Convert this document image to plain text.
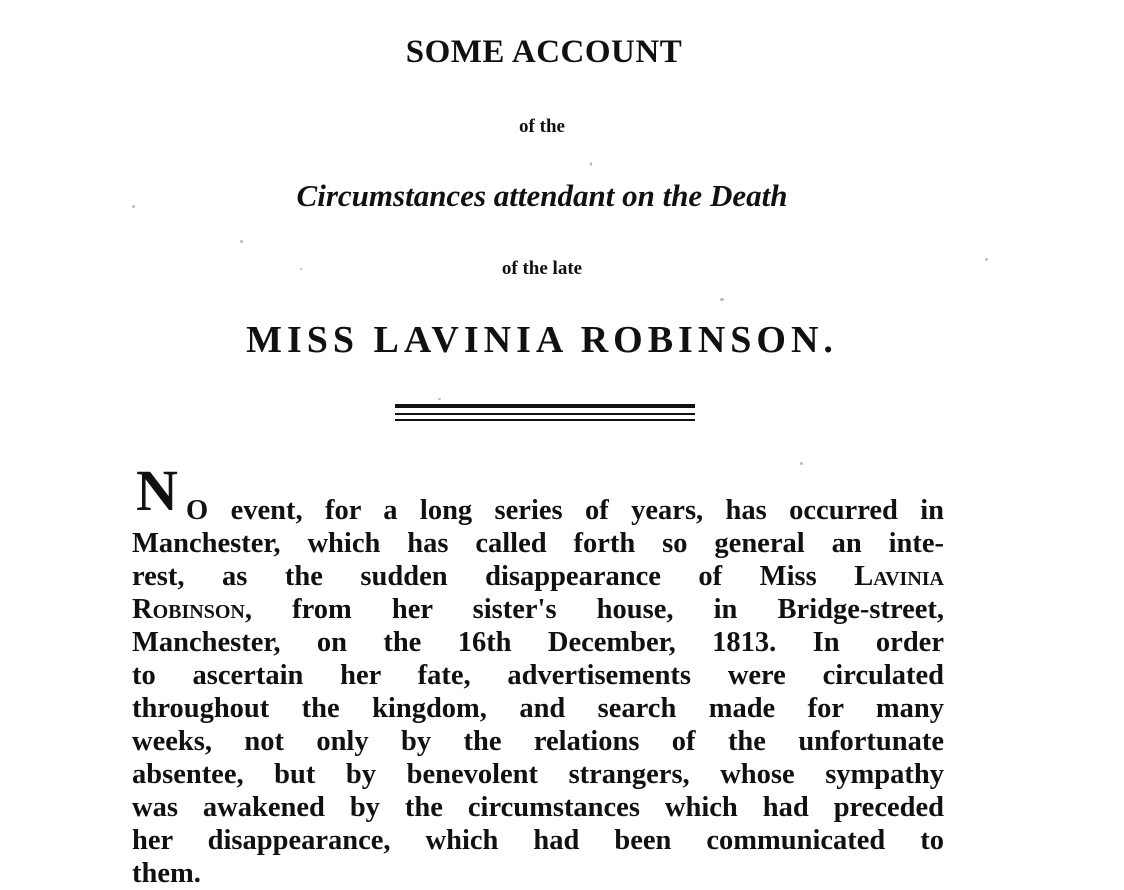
SOME ACCOUNT
of the
Circumstances attendant on the Death
of the late
MISS LAVINIA ROBINSON.
N O event, for a long series of years, has occurred in
Manchester, which has called forth so general an inte-
rest, as the sudden disappearance of Miss Lavinia
Robinson, from her sister's house, in Bridge-street,
Manchester, on the 16th December, 1813. In order
to ascertain her fate, advertisements were circulated
throughout the kingdom, and search made for many
weeks, not only by the relations of the unfortunate
absentee, but by benevolent strangers, whose sympathy
was awakened by the circumstances which had preceded
her disappearance, which had been communicated to
them.
